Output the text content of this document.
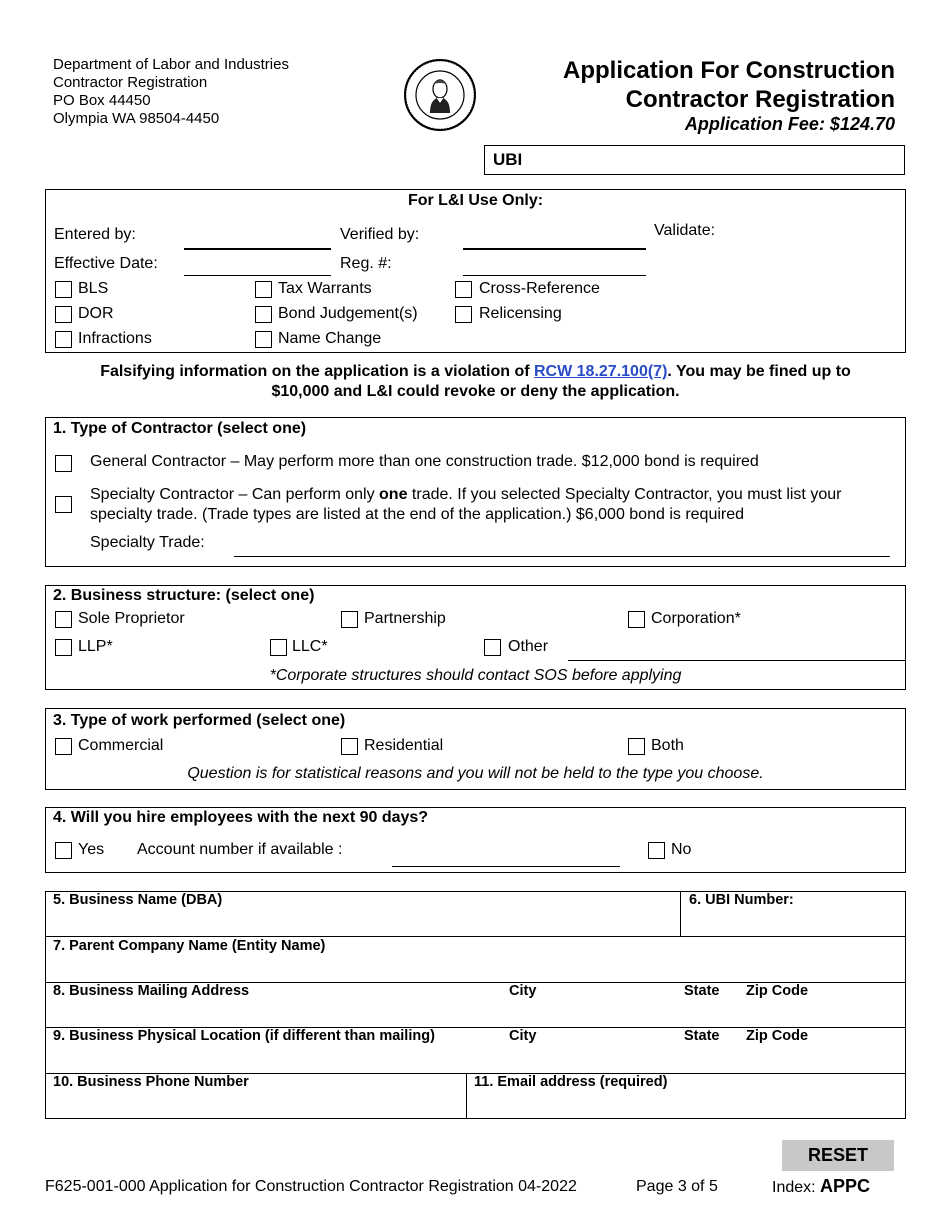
Department of Labor and Industries
Contractor Registration
PO Box 44450
Olympia WA 98504-4450
Application For Construction
Contractor Registration
Application Fee: $124.70
UBI
For L&I Use Only:
Entered by:	Verified by:	Validate:
Effective Date:	Reg. #:
BLS	Tax Warrants	Cross-Reference
DOR	Bond Judgement(s)	Relicensing
Infractions	Name Change
Falsifying information on the application is a violation of RCW 18.27.100(7). You may be fined up to
$10,000 and L&I could revoke or deny the application.
1. Type of Contractor (select one)
General Contractor – May perform more than one construction trade. $12,000 bond is required
Specialty Contractor – Can perform only one trade. If you selected Specialty Contractor, you must list your
specialty trade. (Trade types are listed at the end of the application.) $6,000 bond is required
Specialty Trade:
2. Business structure: (select one)
Sole Proprietor	Partnership	Corporation*
LLP*	LLC*	Other
*Corporate structures should contact SOS before applying
3. Type of work performed (select one)
Commercial	Residential	Both
Question is for statistical reasons and you will not be held to the type you choose.
4. Will you hire employees with the next 90 days?
Yes Account number if available :	No
5. Business Name (DBA)	6. UBI Number:
7. Parent Company Name (Entity Name)
8. Business Mailing Address	City	State Zip Code
9. Business Physical Location (if different than mailing)	City	State Zip Code
10. Business Phone Number	11. Email address (required)
RESET
F625-001-000 Application for Construction Contractor Registration 04-2022	Page 3 of 5	Index: APPC
